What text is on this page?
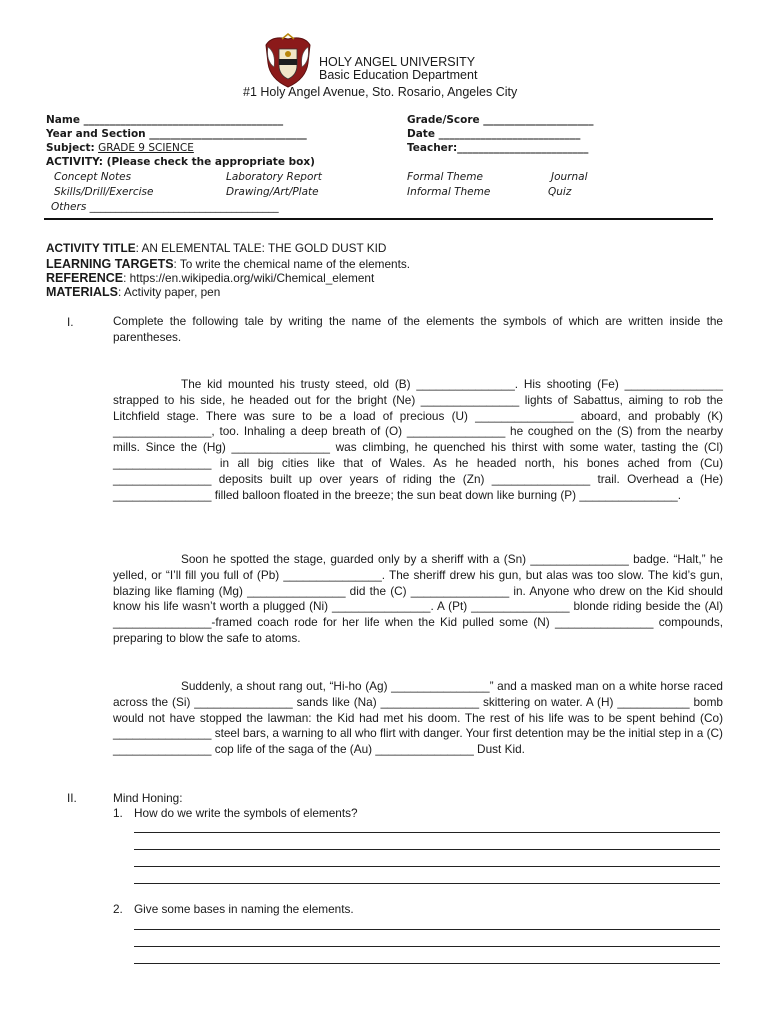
HOLY ANGEL UNIVERSITY
Basic Education Department
#1 Holy Angel Avenue, Sto. Rosario, Angeles City
Name ______________________________________
Year and Section ______________________________
Subject: GRADE 9 SCIENCE
ACTIVITY: (Please check the appropriate box)
Grade/Score _____________________
Date ___________________________
Teacher:_________________________
Concept Notes	Laboratory Report	Formal Theme	Journal
Skills/Drill/Exercise	Drawing/Art/Plate	Informal Theme	Quiz
Others ____________________________________
ACTIVITY TITLE: AN ELEMENTAL TALE: THE GOLD DUST KID
LEARNING TARGETS: To write the chemical name of the elements.
REFERENCE: https://en.wikipedia.org/wiki/Chemical_element
MATERIALS: Activity paper, pen
I.	Complete the following tale by writing the name of the elements the symbols of which are written inside the parentheses.

The kid mounted his trusty steed, old (B) _______________. His shooting (Fe) _______________ strapped to his side, he headed out for the bright (Ne) _______________ lights of Sabattus, aiming to rob the Litchfield stage. There was sure to be a load of precious (U) _______________ aboard, and probably (K) _______________, too. Inhaling a deep breath of (O) _______________ he coughed on the (S) from the nearby mills. Since the (Hg) _______________ was climbing, he quenched his thirst with some water, tasting the (Cl) _______________ in all big cities like that of Wales. As he headed north, his bones ached from (Cu) _______________ deposits built up over years of riding the (Zn) _______________ trail. Overhead a (He) _______________ filled balloon floated in the breeze; the sun beat down like burning (P) _______________.

Soon he spotted the stage, guarded only by a sheriff with a (Sn) _______________ badge. “Halt,” he yelled, or “I’ll fill you full of (Pb) _______________. The sheriff drew his gun, but alas was too slow. The kid’s gun, blazing like flaming (Mg) _______________ did the (C) _______________ in. Anyone who drew on the Kid should know his life wasn’t worth a plugged (Ni) _______________. A (Pt) _______________ blonde riding beside the (Al) _______________-framed coach rode for her life when the Kid pulled some (N) _______________ compounds, preparing to blow the safe to atoms.

Suddenly, a shout rang out, “Hi-ho (Ag) _______________” and a masked man on a white horse raced across the (Si) _______________ sands like (Na) _______________ skittering on water. A (H) ___________ bomb would not have stopped the lawman: the Kid had met his doom. The rest of his life was to be spent behind (Co) _______________ steel bars, a warning to all who flirt with danger. Your first detention may be the initial step in a (C) _______________ cop life of the saga of the (Au) _______________ Dust Kid.

II.	Mind Honing:
1. How do we write the symbols of elements?
2. Give some bases in naming the elements.
